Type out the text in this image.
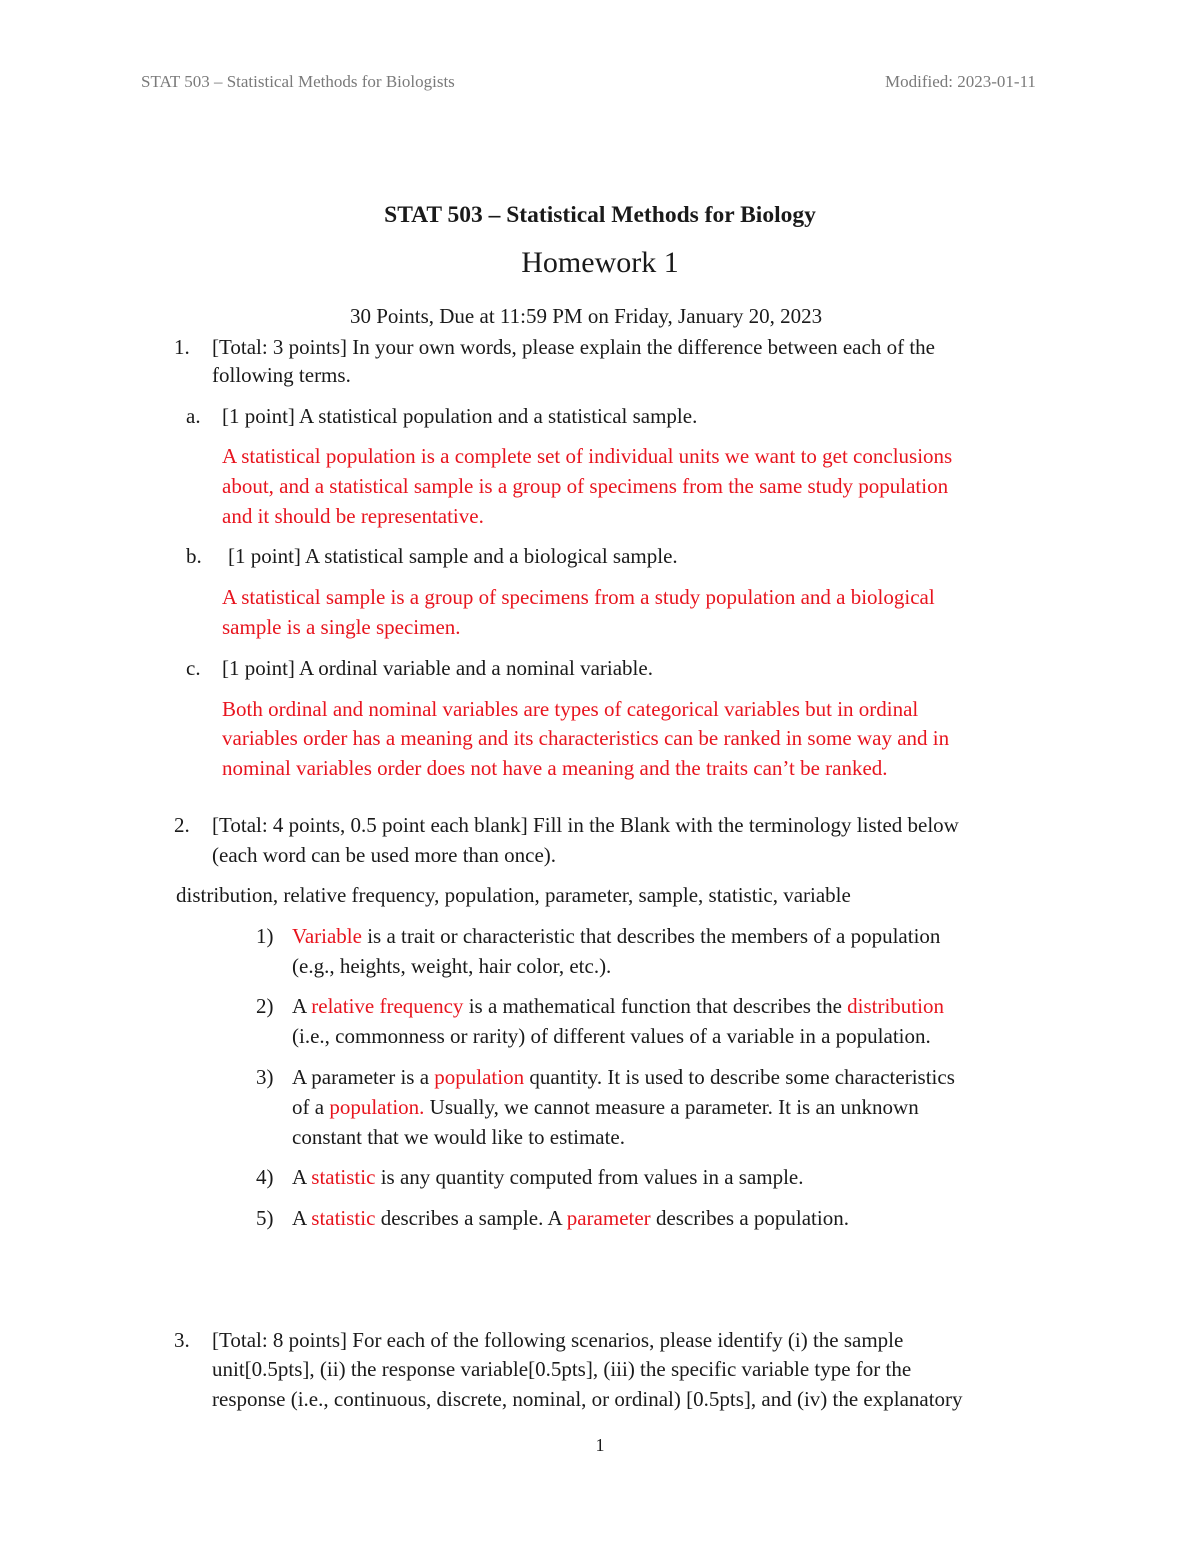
STAT 503 – Statistical Methods for Biologists	Modified: 2023-01-11
STAT 503 – Statistical Methods for Biology
Homework 1
30 Points, Due at 11:59 PM on Friday, January 20, 2023
1. [Total: 3 points] In your own words, please explain the difference between each of the
following terms.
a. [1 point] A statistical population and a statistical sample.
A statistical population is a complete set of individual units we want to get conclusions
about, and a statistical sample is a group of specimens from the same study population
and it should be representative.
b. [1 point] A statistical sample and a biological sample.
A statistical sample is a group of specimens from a study population and a biological
sample is a single specimen.
c. [1 point] A ordinal variable and a nominal variable.
Both ordinal and nominal variables are types of categorical variables but in ordinal
variables order has a meaning and its characteristics can be ranked in some way and in
nominal variables order does not have a meaning and the traits can’t be ranked.
2. [Total: 4 points, 0.5 point each blank] Fill in the Blank with the terminology listed below
(each word can be used more than once).
distribution, relative frequency, population, parameter, sample, statistic, variable
1) Variable is a trait or characteristic that describes the members of a population
(e.g., heights, weight, hair color, etc.).
2) A relative frequency is a mathematical function that describes the distribution
(i.e., commonness or rarity) of different values of a variable in a population.
3) A parameter is a population quantity. It is used to describe some characteristics
of a population. Usually, we cannot measure a parameter. It is an unknown
constant that we would like to estimate.
4) A statistic is any quantity computed from values in a sample.
5) A statistic describes a sample. A parameter describes a population.
3. [Total: 8 points] For each of the following scenarios, please identify (i) the sample
unit[0.5pts], (ii) the response variable[0.5pts], (iii) the specific variable type for the
response (i.e., continuous, discrete, nominal, or ordinal) [0.5pts], and (iv) the explanatory
1
